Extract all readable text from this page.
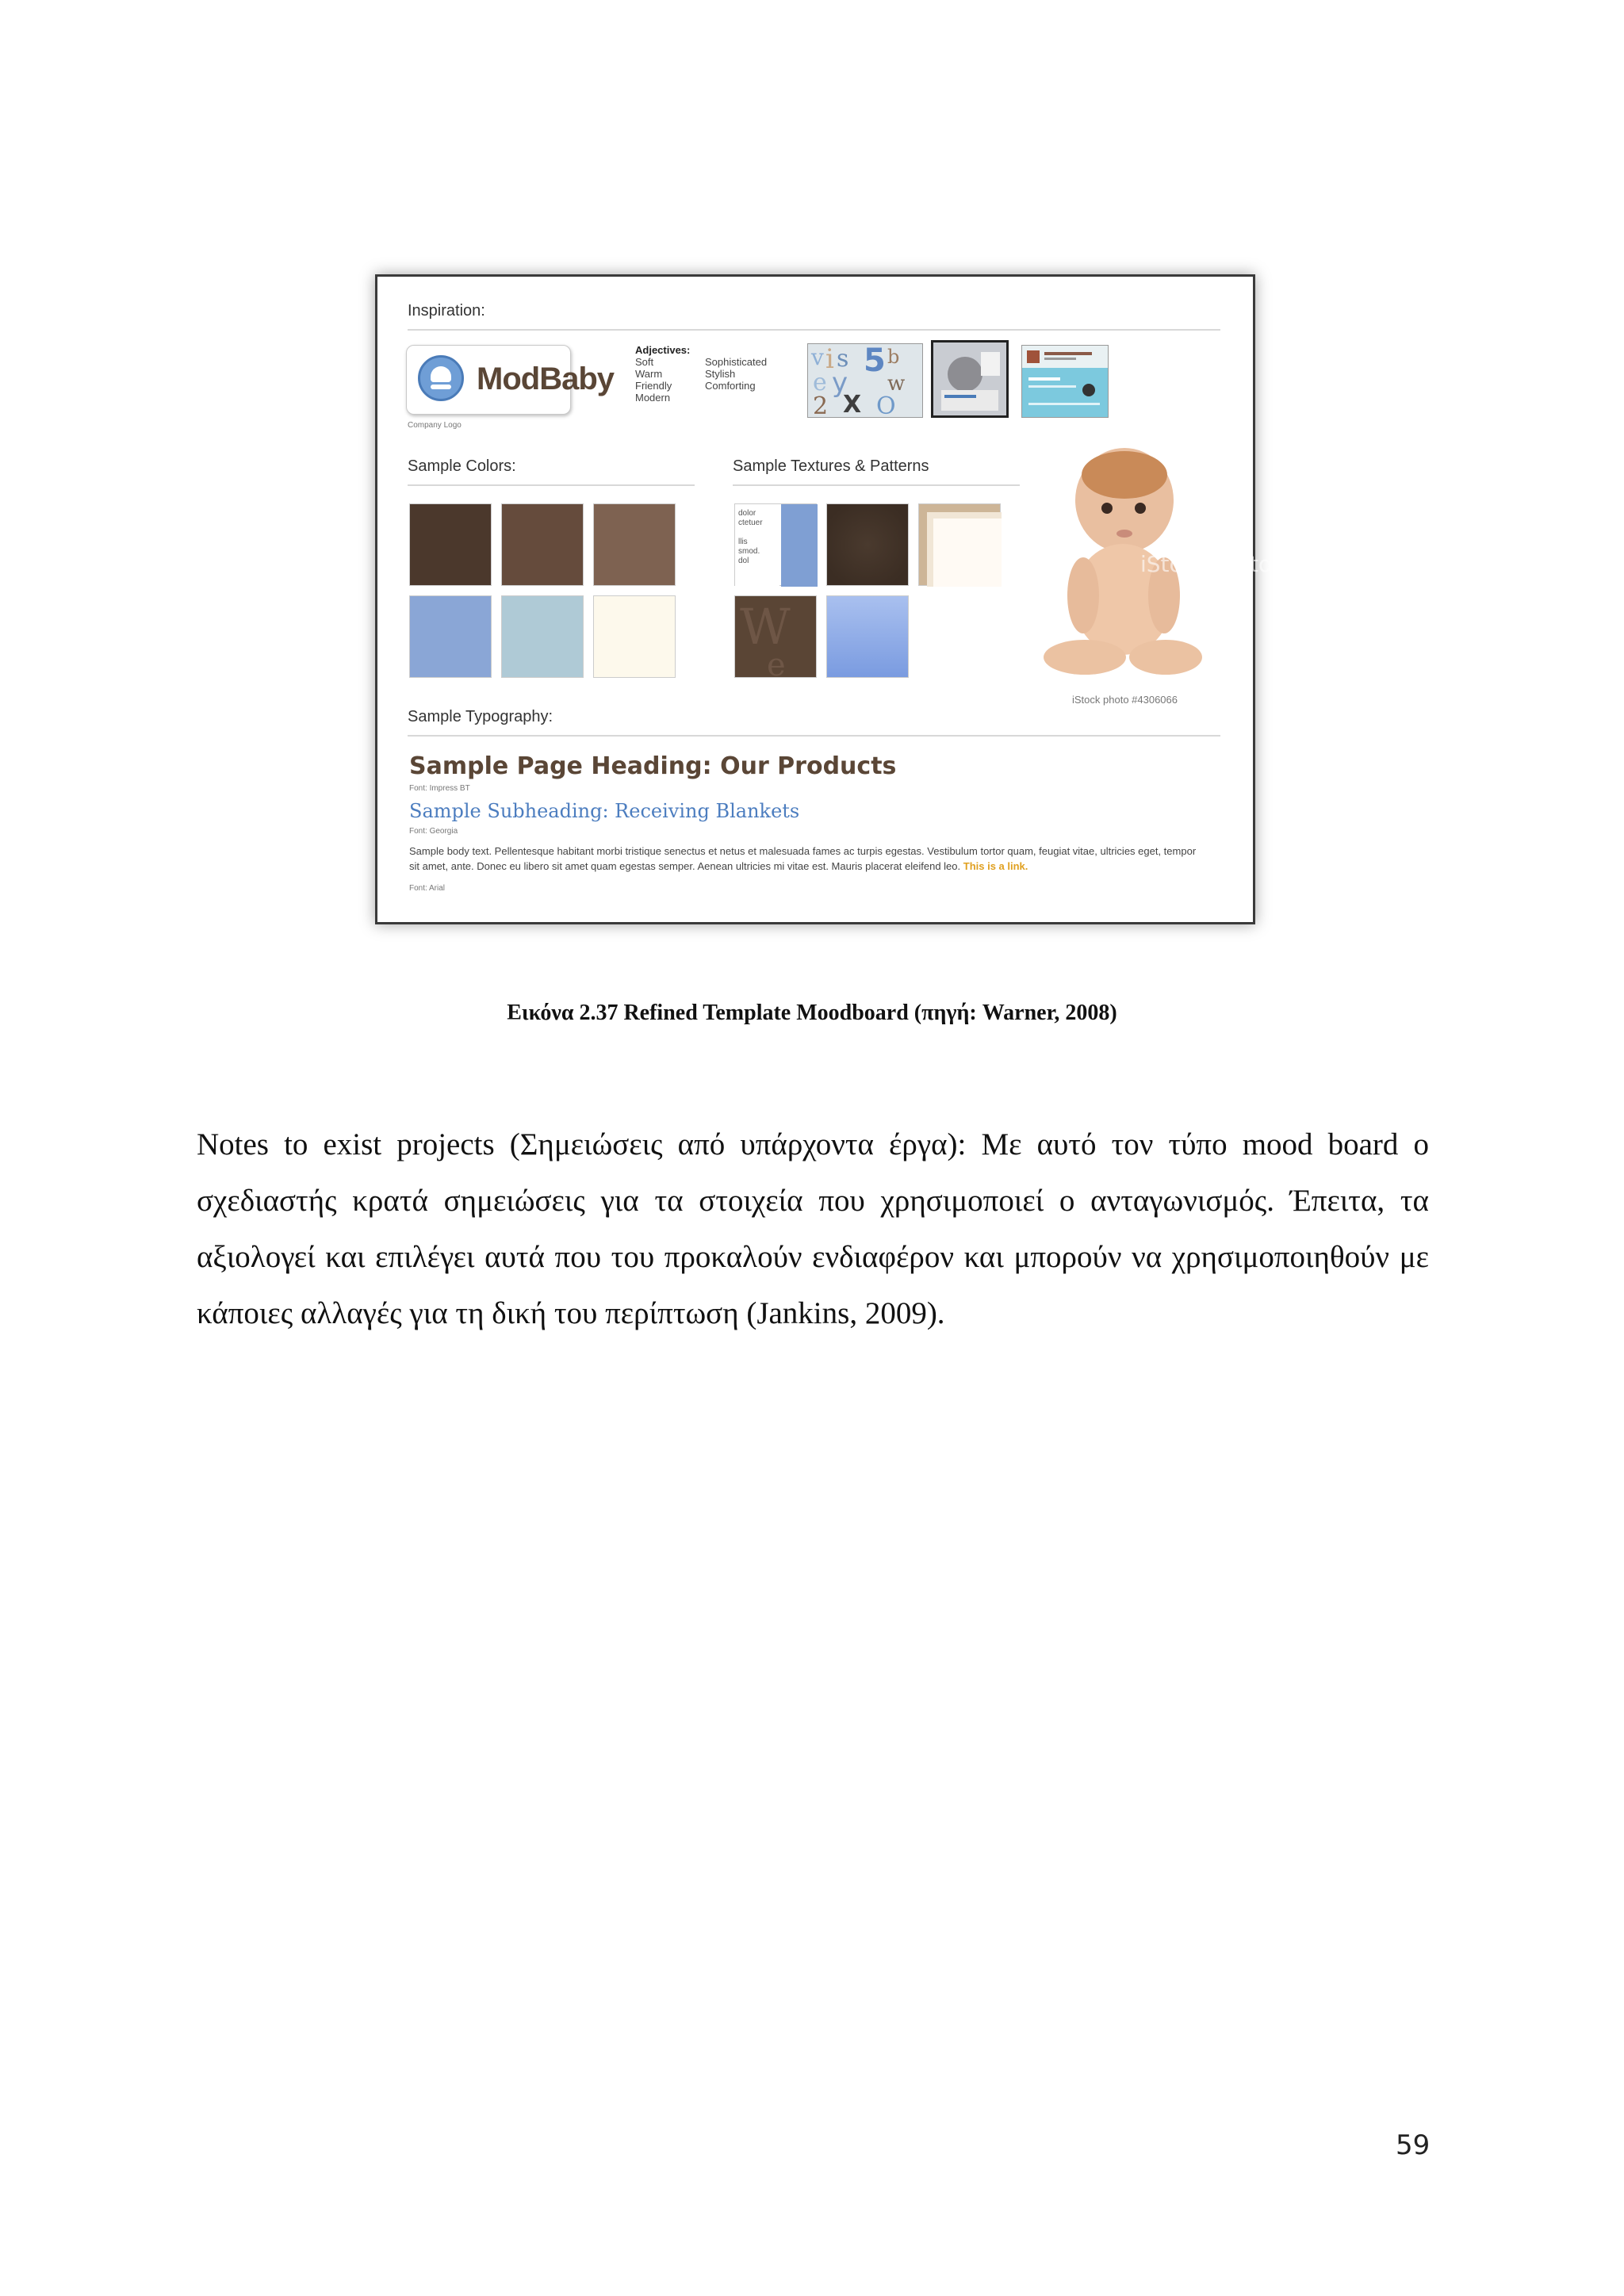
Inspiration:
ModBaby
Company Logo
Adjectives:
Soft
Warm
Friendly
Modern
Sophisticated
Stylish
Comforting
v i s 5 b
e y w
2 X O
Sample Colors:	Sample Textures & Patterns
dolor
ctetuer

llis
smod.
dol
W
e
iStockphoto
iStock photo #4306066
Sample Typography:
Sample Page Heading: Our Products
Font: Impress BT
Sample Subheading: Receiving Blankets
Font: Georgia
Sample body text. Pellentesque habitant morbi tristique senectus et netus et malesuada fames ac turpis egestas. Vestibulum tortor quam, feugiat vitae, ultricies eget, tempor sit amet, ante. Donec eu libero sit amet quam egestas semper. Aenean ultricies mi vitae est. Mauris placerat eleifend leo. This is a link.
Font: Arial
Εικόνα 2.37 Refined Template Moodboard (πηγή: Warner, 2008)
Notes to exist projects (Σημειώσεις από υπάρχοντα έργα): Με αυτό τον τύπο mood board ο σχεδιαστής κρατά σημειώσεις για τα στοιχεία που χρησιμοποιεί ο ανταγωνισμός. Έπειτα, τα αξιολογεί και επιλέγει αυτά που του προκαλούν ενδιαφέρον και μπορούν να χρησιμοποιηθούν με κάποιες αλλαγές για τη δική του περίπτωση (Jankins, 2009).
59
